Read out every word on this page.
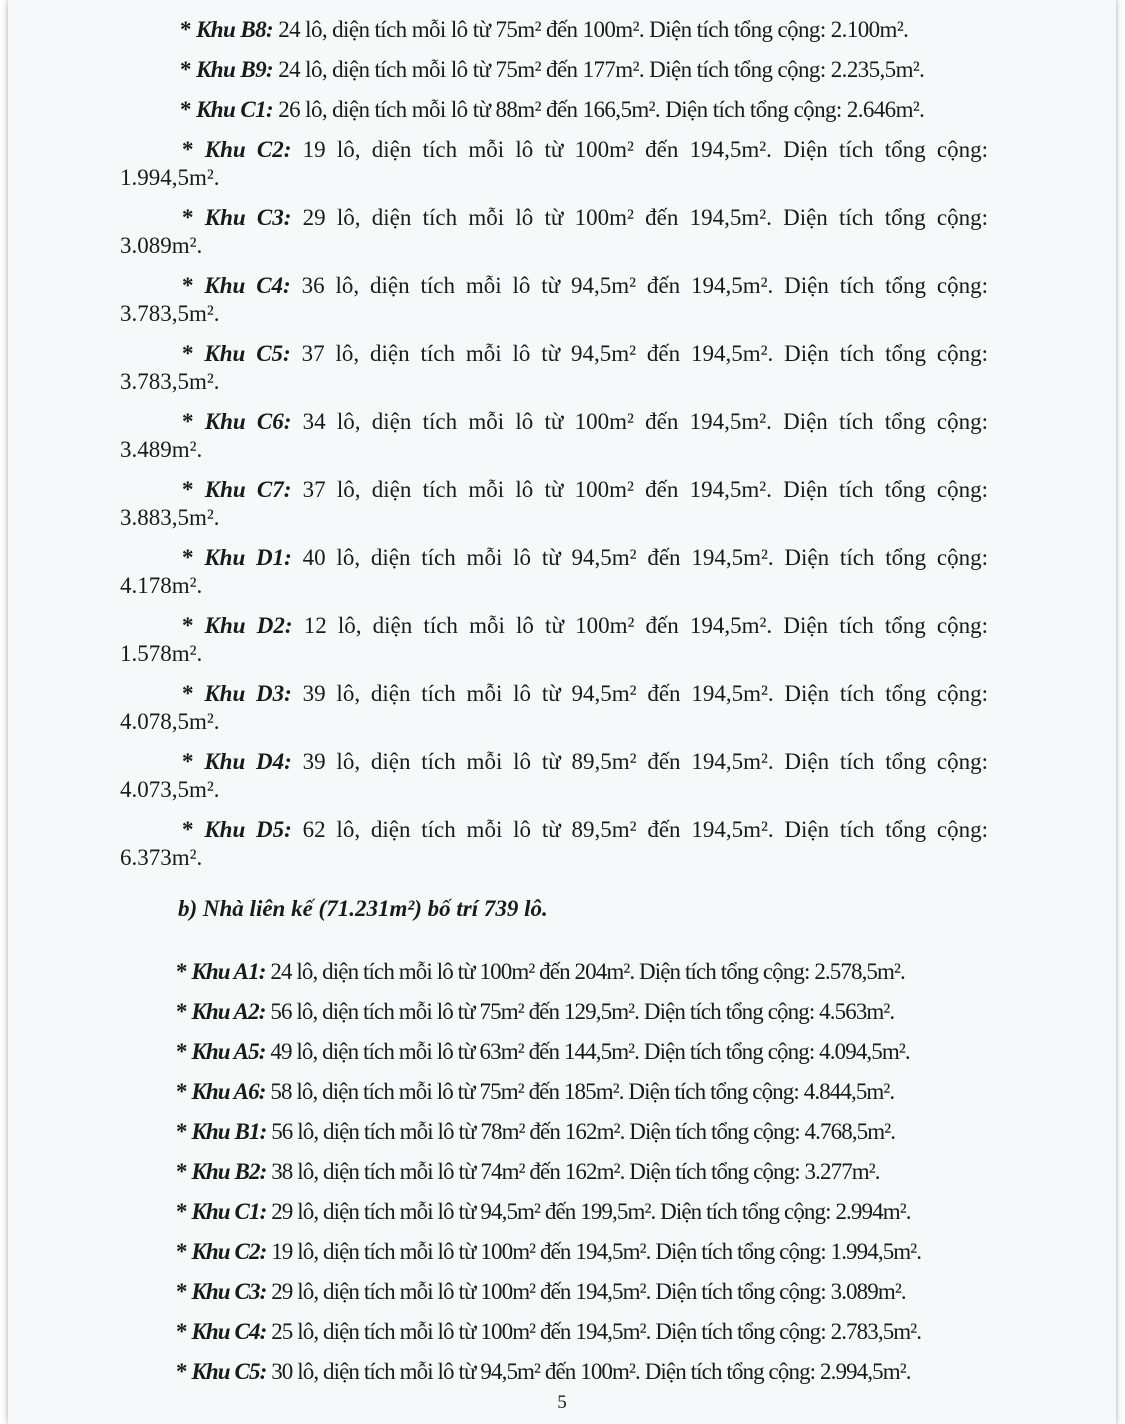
* Khu B8: 24 lô, diện tích mỗi lô từ 75m² đến 100m². Diện tích tổng cộng: 2.100m².

* Khu B9: 24 lô, diện tích mỗi lô từ 75m² đến 177m². Diện tích tổng cộng: 2.235,5m².

* Khu C1: 26 lô, diện tích mỗi lô từ 88m² đến 166,5m². Diện tích tổng cộng: 2.646m².

* Khu C2: 19 lô, diện tích mỗi lô từ 100m² đến 194,5m². Diện tích tổng cộng:
1.994,5m².

* Khu C3: 29 lô, diện tích mỗi lô từ 100m² đến 194,5m². Diện tích tổng cộng:
3.089m².

* Khu C4: 36 lô, diện tích mỗi lô từ 94,5m² đến 194,5m². Diện tích tổng cộng:
3.783,5m².

* Khu C5: 37 lô, diện tích mỗi lô từ 94,5m² đến 194,5m². Diện tích tổng cộng:
3.783,5m².

* Khu C6: 34 lô, diện tích mỗi lô từ 100m² đến 194,5m². Diện tích tổng cộng:
3.489m².

* Khu C7: 37 lô, diện tích mỗi lô từ 100m² đến 194,5m². Diện tích tổng cộng:
3.883,5m².

* Khu D1: 40 lô, diện tích mỗi lô từ 94,5m² đến 194,5m². Diện tích tổng cộng:
4.178m².

* Khu D2: 12 lô, diện tích mỗi lô từ 100m² đến 194,5m². Diện tích tổng cộng:
1.578m².

* Khu D3: 39 lô, diện tích mỗi lô từ 94,5m² đến 194,5m². Diện tích tổng cộng:
4.078,5m².

* Khu D4: 39 lô, diện tích mỗi lô từ 89,5m² đến 194,5m². Diện tích tổng cộng:
4.073,5m².

* Khu D5: 62 lô, diện tích mỗi lô từ 89,5m² đến 194,5m². Diện tích tổng cộng:
6.373m².

b) Nhà liên kế (71.231m²) bố trí 739 lô.

* Khu A1: 24 lô, diện tích mỗi lô từ 100m² đến 204m². Diện tích tổng cộng: 2.578,5m².

* Khu A2: 56 lô, diện tích mỗi lô từ 75m² đến 129,5m². Diện tích tổng cộng: 4.563m².

* Khu A5: 49 lô, diện tích mỗi lô từ 63m² đến 144,5m². Diện tích tổng cộng: 4.094,5m².

* Khu A6: 58 lô, diện tích mỗi lô từ 75m² đến 185m². Diện tích tổng cộng: 4.844,5m².

* Khu B1: 56 lô, diện tích mỗi lô từ 78m² đến 162m². Diện tích tổng cộng: 4.768,5m².

* Khu B2: 38 lô, diện tích mỗi lô từ 74m² đến 162m². Diện tích tổng cộng: 3.277m².

* Khu C1: 29 lô, diện tích mỗi lô từ 94,5m² đến 199,5m². Diện tích tổng cộng: 2.994m².

* Khu C2: 19 lô, diện tích mỗi lô từ 100m² đến 194,5m². Diện tích tổng cộng: 1.994,5m².

* Khu C3: 29 lô, diện tích mỗi lô từ 100m² đến 194,5m². Diện tích tổng cộng: 3.089m².

* Khu C4: 25 lô, diện tích mỗi lô từ 100m² đến 194,5m². Diện tích tổng cộng: 2.783,5m².

* Khu C5: 30 lô, diện tích mỗi lô từ 94,5m² đến 100m². Diện tích tổng cộng: 2.994,5m².

5
